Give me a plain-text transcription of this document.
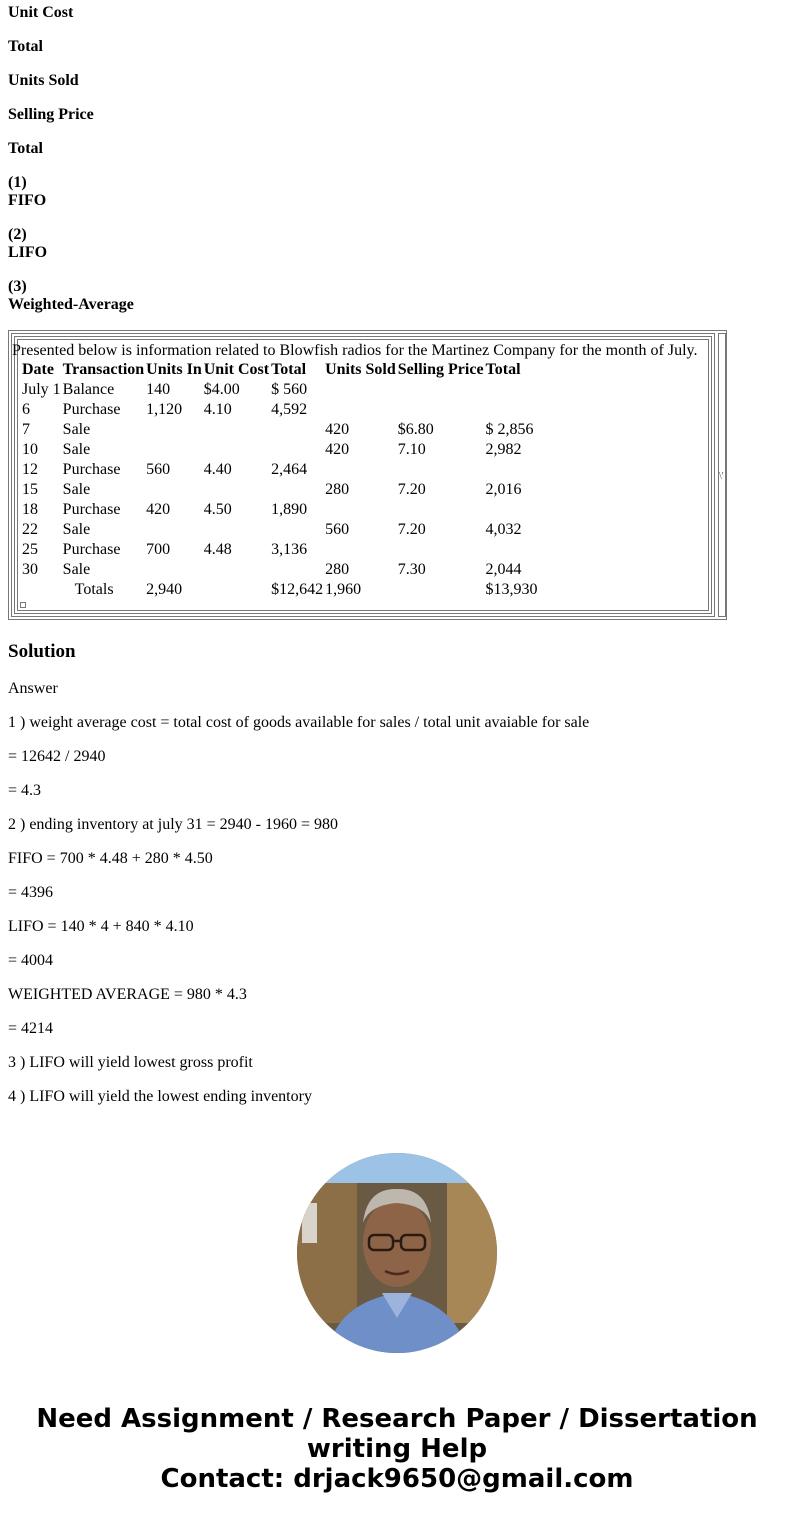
Unit Cost

Total

Units Sold

Selling Price

Total

(1)
FIFO

(2)
LIFO

(3)
Weighted-Average

\'
Presented below is information related to Blowfish radios for the Martinez Company for the month of July.
Date	Transaction	Units In	Unit Cost	Total	Units Sold	Selling Price	Total
July 1	Balance	140	$4.00	$ 560			
6	Purchase	1,120	4.10	4,592			
7	Sale				420	$6.80	$ 2,856
10	Sale				420	7.10	2,982
12	Purchase	560	4.40	2,464			
15	Sale				280	7.20	2,016
18	Purchase	420	4.50	1,890			
22	Sale				560	7.20	4,032
25	Purchase	700	4.48	3,136			
30	Sale				280	7.30	2,044
	Totals	2,940		$12,642	1,960		$13,930
Solution

Answer

1 ) weight average cost = total cost of goods available for sales / total unit avaiable for sale

= 12642 / 2940

= 4.3

2 ) ending inventory at july 31 = 2940 - 1960 = 980

FIFO = 700 * 4.48 + 280 * 4.50

= 4396

LIFO = 140 * 4 + 840 * 4.10

= 4004

WEIGHTED AVERAGE = 980 * 4.3

= 4214

3 ) LIFO will yield lowest gross profit

4 ) LIFO will yield the lowest ending inventory

Need Assignment / Research Paper / Dissertation
writing Help
Contact: drjack9650@gmail.com
